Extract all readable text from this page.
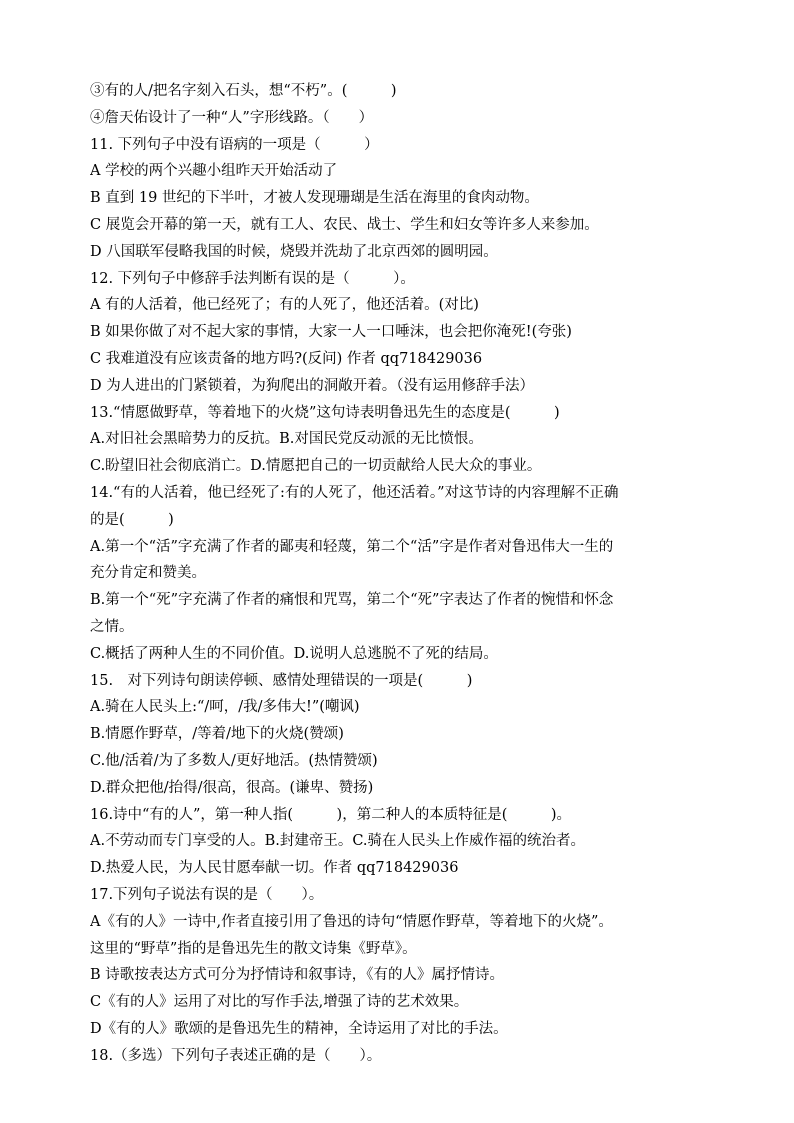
③有的人/把名字刻入石头，想“不朽”。(　　　)
④詹天佑设计了一种“人”字形线路。（　　）
11. 下列句子中没有语病的一项是（　　　）
A 学校的两个兴趣小组昨天开始活动了
B 直到 19 世纪的下半叶，才被人发现珊瑚是生活在海里的食肉动物。
C 展览会开幕的第一天，就有工人、农民、战士、学生和妇女等许多人来参加。
D 八国联军侵略我国的时候，烧毁并洗劫了北京西郊的圆明园。
12. 下列句子中修辞手法判断有误的是（　　　）。
A 有的人活着，他已经死了；有的人死了，他还活着。(对比)
B 如果你做了对不起大家的事情，大家一人一口唾沫，也会把你淹死!(夸张)
C 我难道没有应该责备的地方吗?(反问) 作者 qq718429036
D 为人进出的门紧锁着，为狗爬出的洞敞开着。（没有运用修辞手法）
13.“情愿做野草，等着地下的火烧”这句诗表明鲁迅先生的态度是(　　　)
A.对旧社会黑暗势力的反抗。B.对国民党反动派的无比愤恨。
C.盼望旧社会彻底消亡。D.情愿把自己的一切贡献给人民大众的事业。
14.“有的人活着，他已经死了:有的人死了，他还活着。”对这节诗的内容理解不正确
的是(　　　)
A.第一个“活”字充满了作者的鄙夷和轻蔑，第二个“活”字是作者对鲁迅伟大一生的
充分肯定和赞美。
B.第一个“死”字充满了作者的痛恨和咒骂，第二个“死”字表达了作者的惋惜和怀念
之情。
C.概括了两种人生的不同价值。D.说明人总逃脱不了死的结局。
15.　对下列诗句朗读停顿、感情处理错误的一项是(　　　)
A.骑在人民头上:“/呵，/我/多伟大!”(嘲讽)
B.情愿作野草，/等着/地下的火烧(赞颂)
C.他/活着/为了多数人/更好地活。(热情赞颂)
D.群众把他/抬得/很高，很高。(谦卑、赞扬)
16.诗中“有的人”，第一种人指(　　　)，第二种人的本质特征是(　　　)。
A.不劳动而专门享受的人。B.封建帝王。C.骑在人民头上作威作福的统治者。
D.热爱人民，为人民甘愿奉献一切。作者 qq718429036
17.下列句子说法有误的是（　　）。
A《有的人》一诗中,作者直接引用了鲁迅的诗句“情愿作野草，等着地下的火烧”。
这里的“野草”指的是鲁迅先生的散文诗集《野草》。
B 诗歌按表达方式可分为抒情诗和叙事诗，《有的人》属抒情诗。
C《有的人》运用了对比的写作手法,增强了诗的艺术效果。
D《有的人》歌颂的是鲁迅先生的精神，全诗运用了对比的手法。
18.（多选）下列句子表述正确的是（　　）。
